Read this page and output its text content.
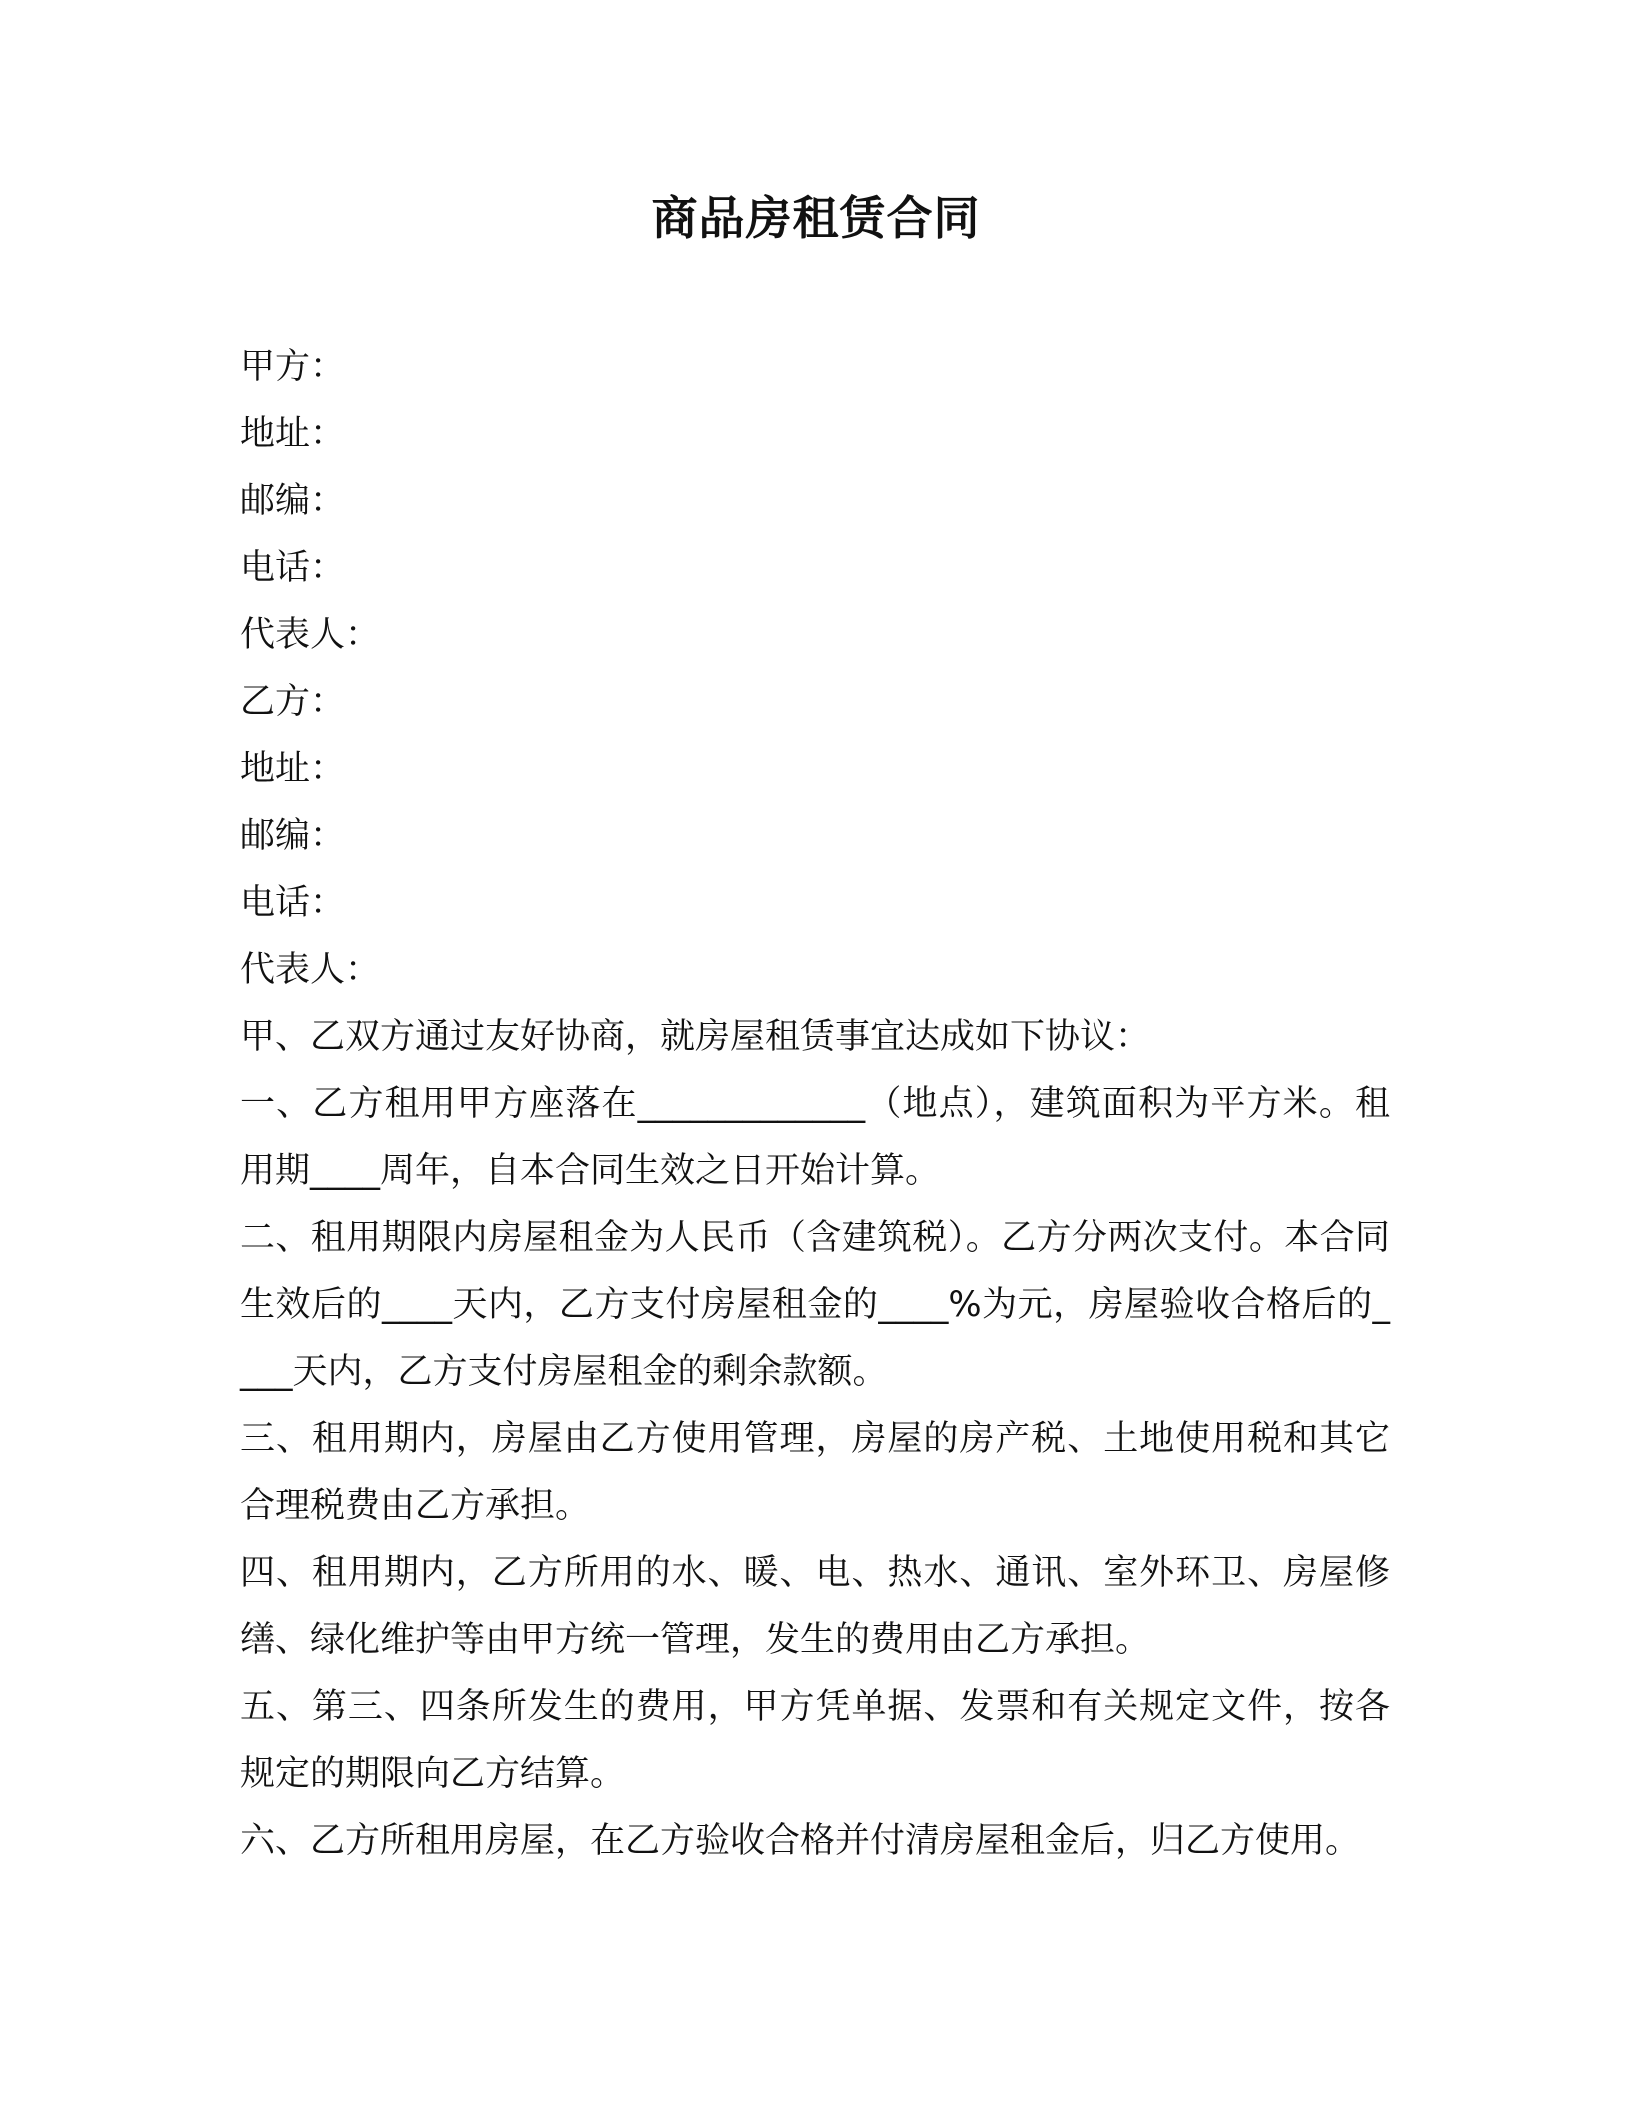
商品房租赁合同
甲方：
地址：
邮编：
电话：
代表人：
乙方：
地址：
邮编：
电话：
代表人：
甲、乙双方通过友好协商，就房屋租赁事宜达成如下协议：
一、乙方租用甲方座落在_____________（地点），建筑面积为平方米。租用期____周年，自本合同生效之日开始计算。
二、租用期限内房屋租金为人民币（含建筑税）。乙方分两次支付。本合同生效后的____天内，乙方支付房屋租金的____%为元，房屋验收合格后的____天内，乙方支付房屋租金的剩余款额。
三、租用期内，房屋由乙方使用管理，房屋的房产税、土地使用税和其它合理税费由乙方承担。
四、租用期内，乙方所用的水、暖、电、热水、通讯、室外环卫、房屋修缮、绿化维护等由甲方统一管理，发生的费用由乙方承担。
五、第三、四条所发生的费用，甲方凭单据、发票和有关规定文件，按各规定的期限向乙方结算。
六、乙方所租用房屋，在乙方验收合格并付清房屋租金后，归乙方使用。
